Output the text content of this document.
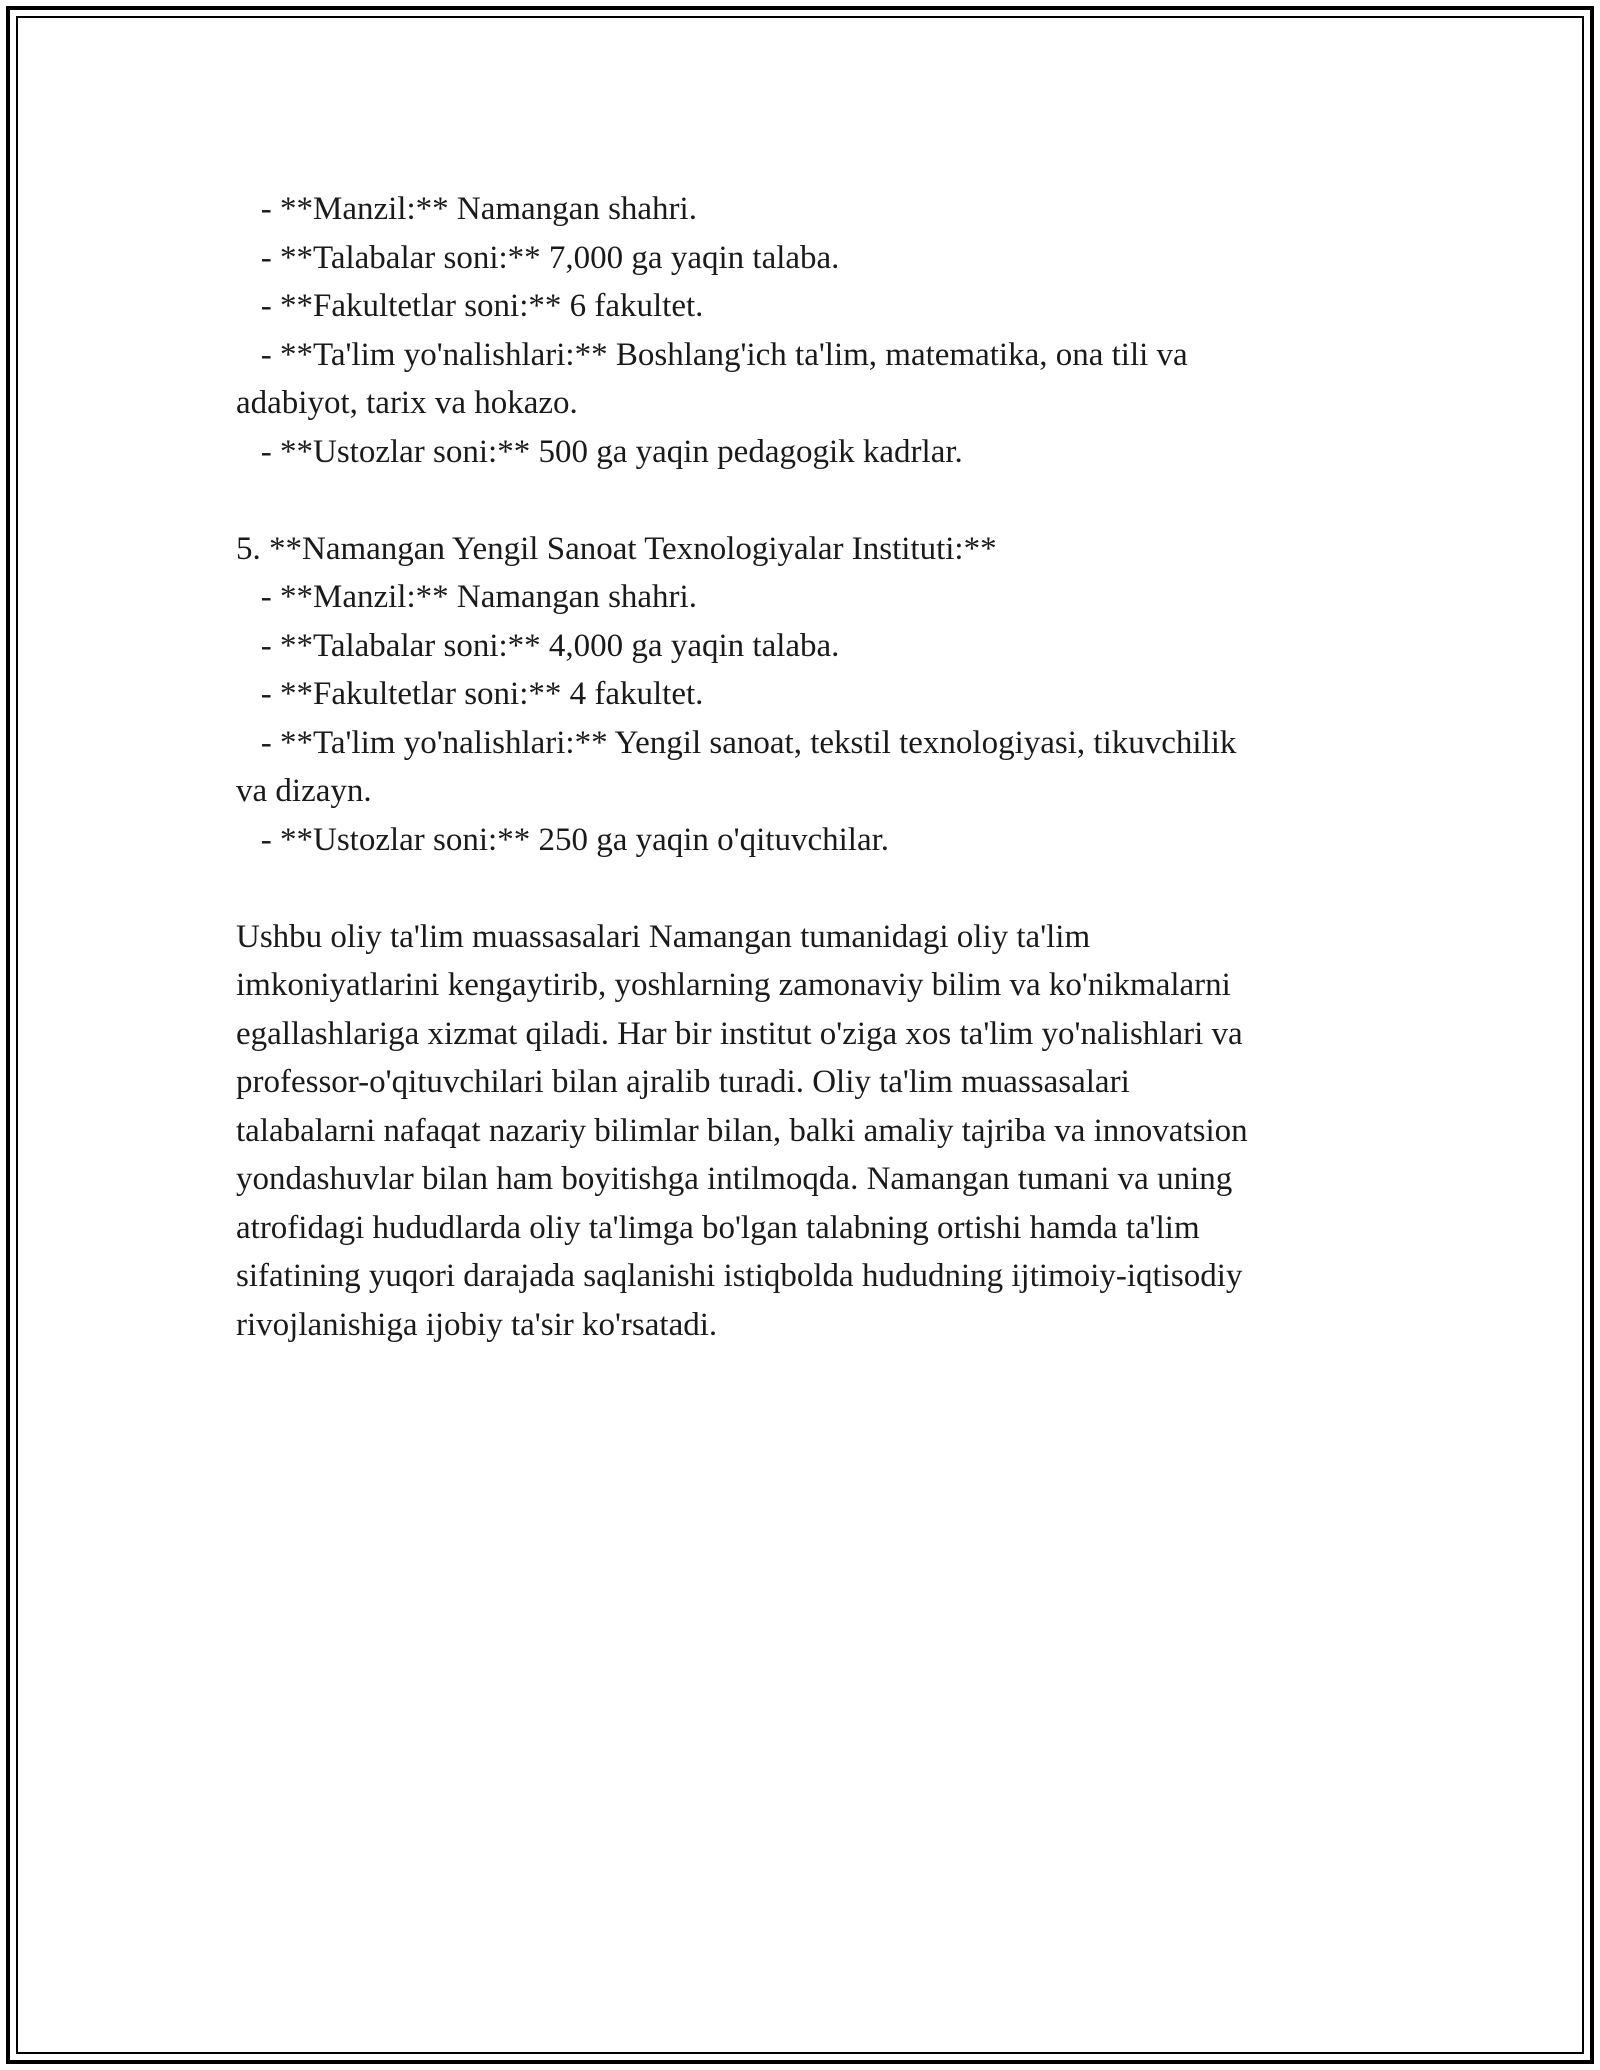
- **Manzil:** Namangan shahri.

- **Talabalar soni:** 7,000 ga yaqin talaba.

- **Fakultetlar soni:** 6 fakultet.

- **Ta'lim yo'nalishlari:** Boshlang'ich ta'lim, matematika, ona tili va

adabiyot, tarix va hokazo.

- **Ustozlar soni:** 500 ga yaqin pedagogik kadrlar.

5. **Namangan Yengil Sanoat Texnologiyalar Instituti:**

- **Manzil:** Namangan shahri.

- **Talabalar soni:** 4,000 ga yaqin talaba.

- **Fakultetlar soni:** 4 fakultet.

- **Ta'lim yo'nalishlari:** Yengil sanoat, tekstil texnologiyasi, tikuvchilik

va dizayn.

- **Ustozlar soni:** 250 ga yaqin o'qituvchilar.

Ushbu oliy ta'lim muassasalari Namangan tumanidagi oliy ta'lim

imkoniyatlarini kengaytirib, yoshlarning zamonaviy bilim va ko'nikmalarni

egallashlariga xizmat qiladi. Har bir institut o'ziga xos ta'lim yo'nalishlari va

professor-o'qituvchilari bilan ajralib turadi. Oliy ta'lim muassasalari

talabalarni nafaqat nazariy bilimlar bilan, balki amaliy tajriba va innovatsion

yondashuvlar bilan ham boyitishga intilmoqda. Namangan tumani va uning

atrofidagi hududlarda oliy ta'limga bo'lgan talabning ortishi hamda ta'lim

sifatining yuqori darajada saqlanishi istiqbolda hududning ijtimoiy-iqtisodiy

rivojlanishiga ijobiy ta'sir ko'rsatadi.
